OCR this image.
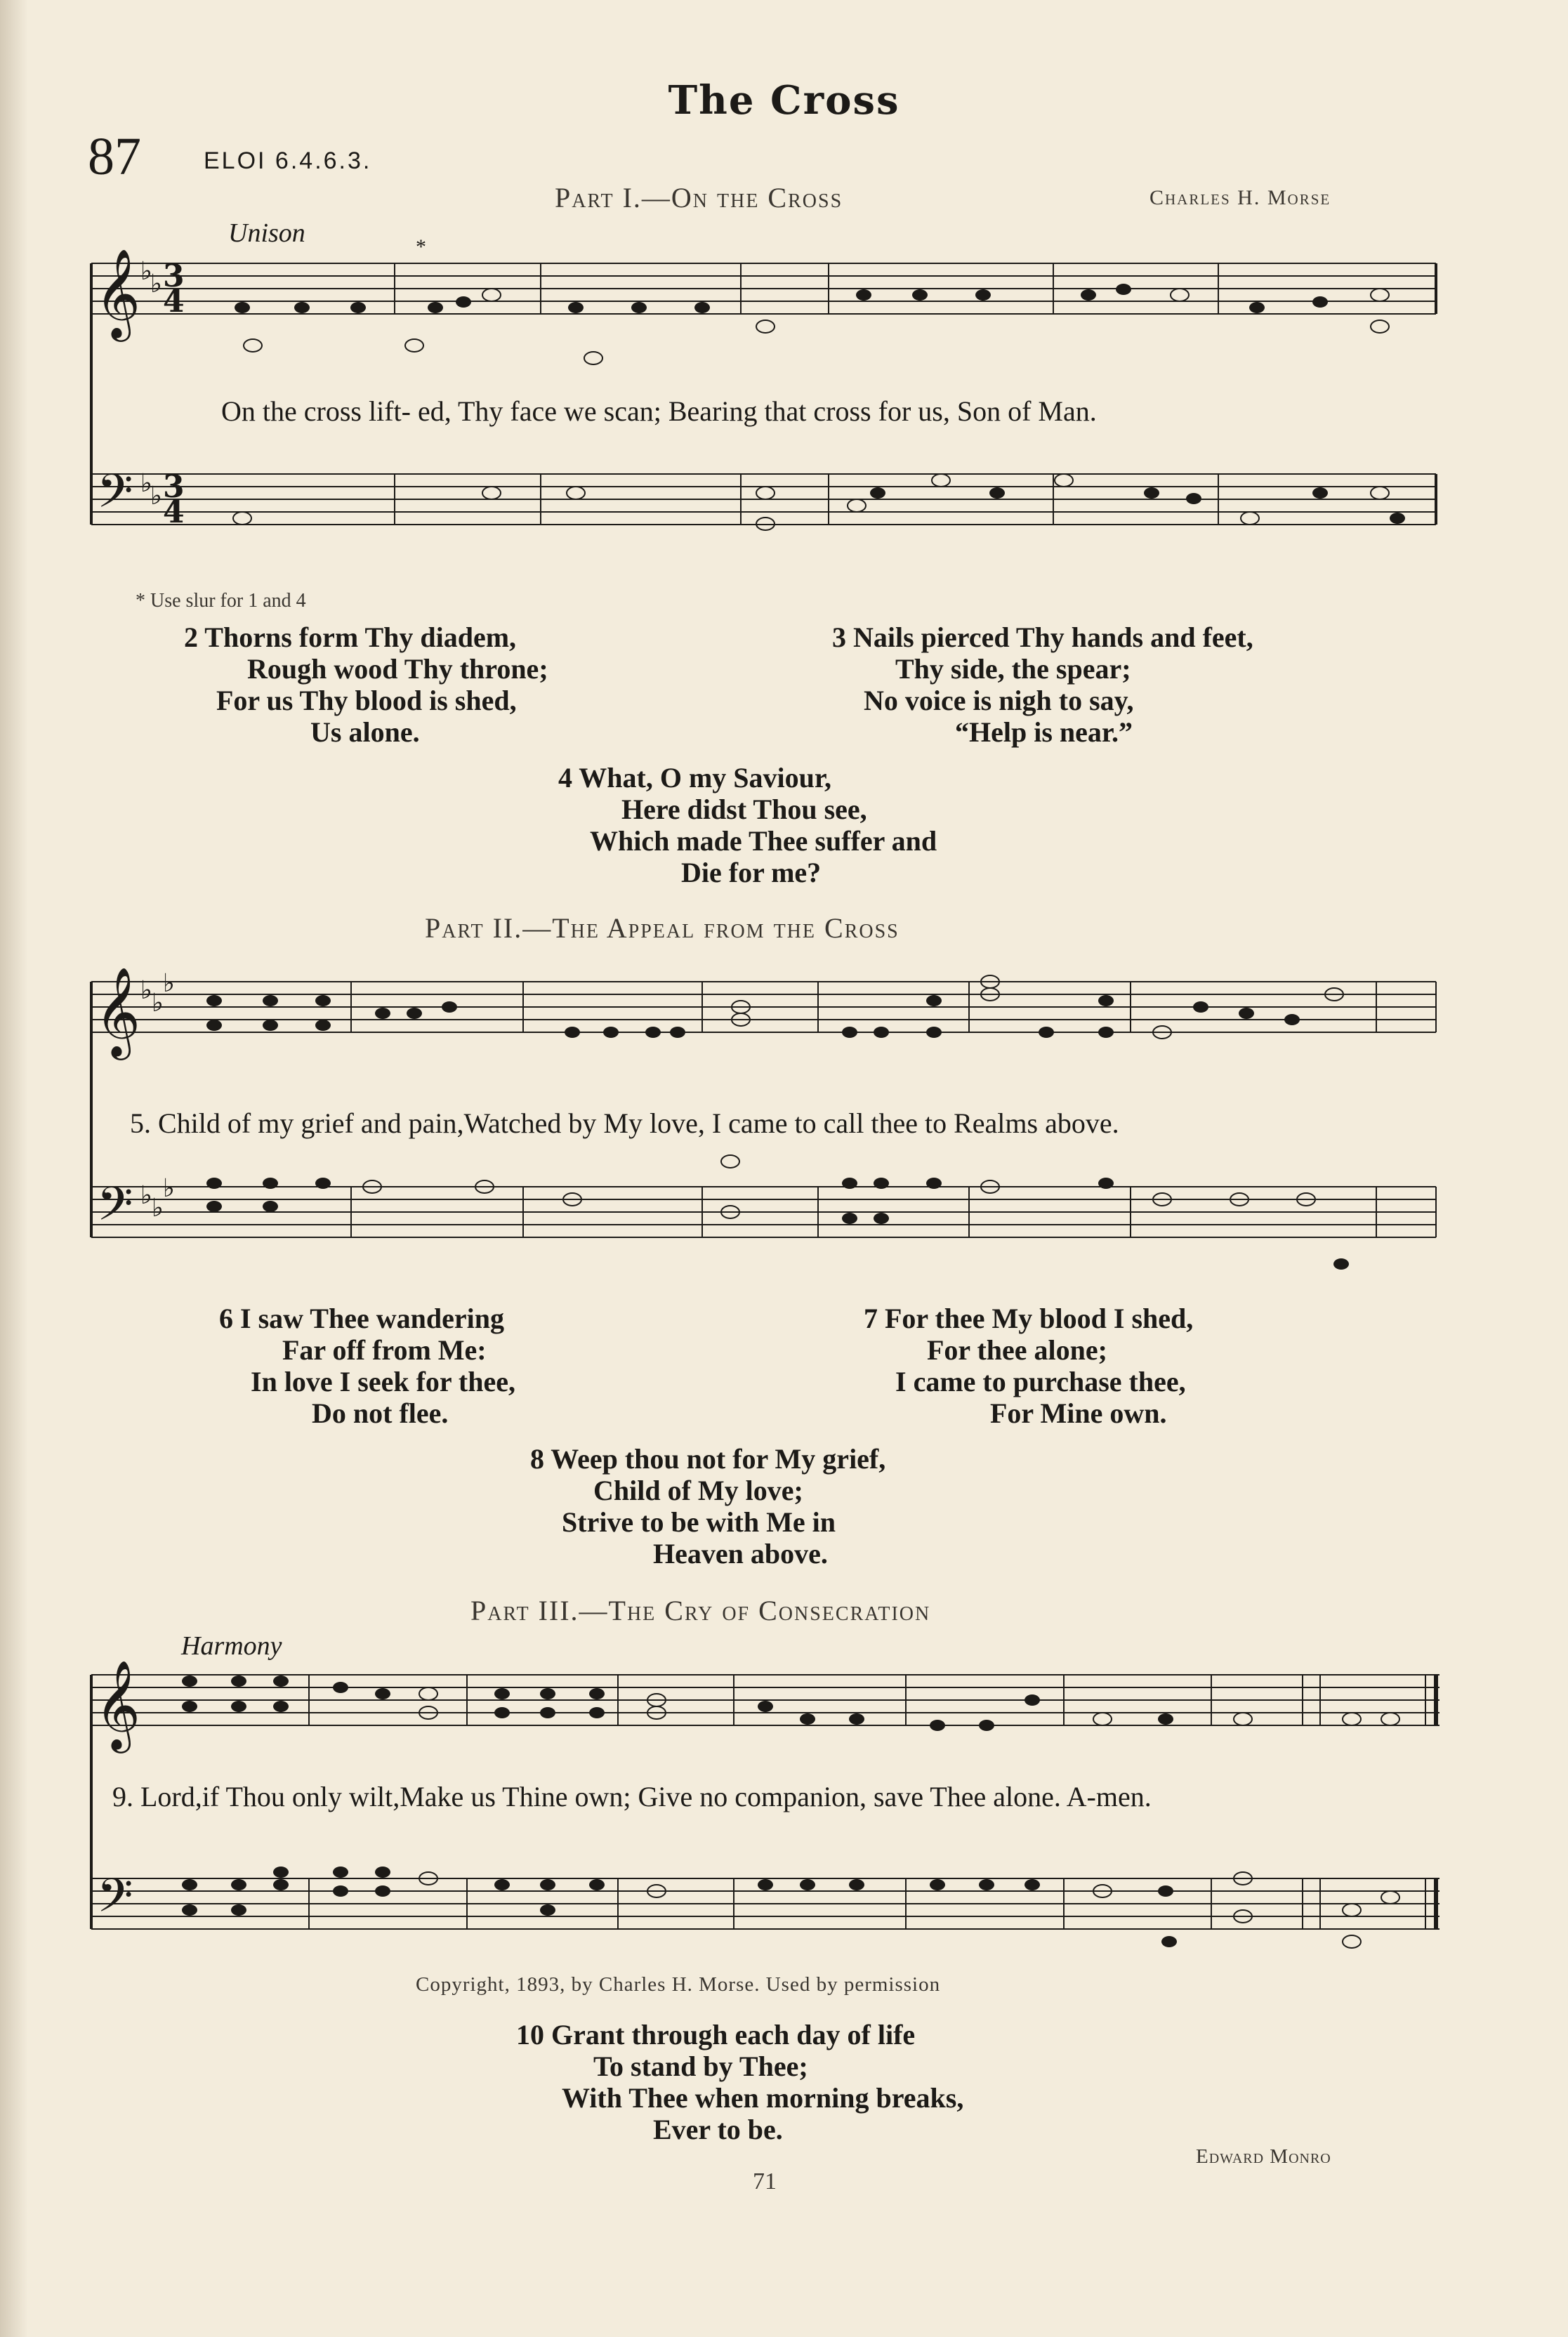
The Cross
87	ELOI 6.4.6.3.
Part I.—On the Cross	Charles H. Morse
Unison	*
𝄞
𝄢
3
4
3
4
♭
♭
♭
♭
On the cross lift- ed, Thy face we scan; Bearing that cross for us, Son of Man.
* Use slur for 1 and 4
2 Thorns form Thy diadem,
Rough wood Thy throne;
For us Thy blood is shed,
Us alone.
3 Nails pierced Thy hands and feet,
Thy side, the spear;
No voice is nigh to say,
“Help is near.”
4 What, O my Saviour,
Here didst Thou see,
Which made Thee suffer and
Die for me?
Part II.—The Appeal from the Cross
𝄞
𝄢
♭ ♭
♭
♭ ♭
♭
5. Child of my grief and pain,Watched by My love, I came to call thee to Realms above.
6 I saw Thee wandering
Far off from Me:
In love I seek for thee,
Do not flee.
7 For thee My blood I shed,
For thee alone;
I came to purchase thee,
For Mine own.
8 Weep thou not for My grief,
Child of My love;
Strive to be with Me in
Heaven above.
Part III.—The Cry of Consecration
Harmony
𝄞
𝄢
9. Lord,if Thou only wilt,Make us Thine own; Give no companion, save Thee alone. A-men.
Copyright, 1893, by Charles H. Morse. Used by permission
10 Grant through each day of life
To stand by Thee;
With Thee when morning breaks,
Ever to be.
Edward Monro
71
